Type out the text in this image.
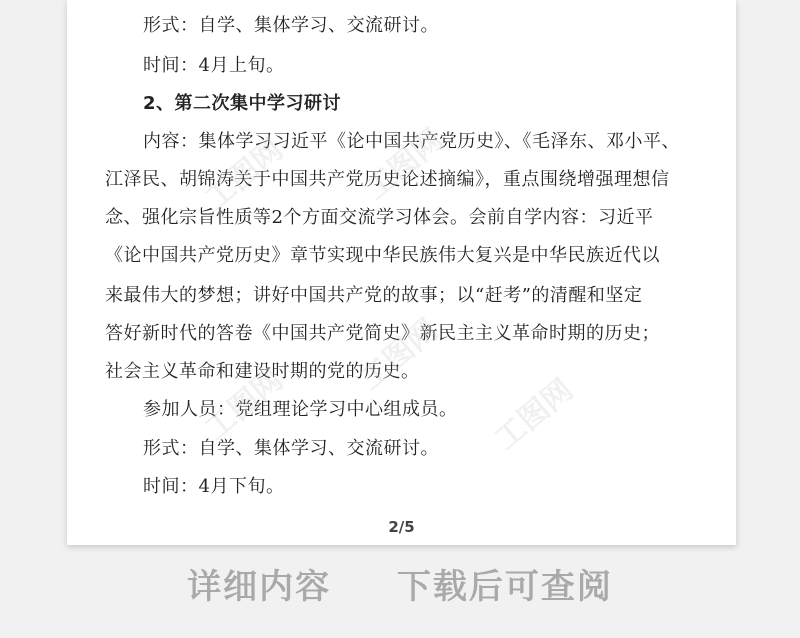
形式：自学、集体学习、交流研讨。
时间：4月上旬。
2、第二次集中学习研讨
内容：集体学习习近平《论中国共产党历史》、《毛泽东、邓小平、
江泽民、胡锦涛关于中国共产党历史论述摘编》，重点围绕增强理想信
念、强化宗旨性质等2个方面交流学习体会。会前自学内容：习近平
《论中国共产党历史》章节实现中华民族伟大复兴是中华民族近代以
来最伟大的梦想；讲好中国共产党的故事；以“赶考”的清醒和坚定
答好新时代的答卷《中国共产党简史》新民主主义革命时期的历史；
社会主义革命和建设时期的党的历史。
参加人员：党组理论学习中心组成员。
形式：自学、集体学习、交流研讨。
时间：4月下旬。
2/5
工图网 工图网
工图网
工图网
工图网
详细内容 下载后可查阅
